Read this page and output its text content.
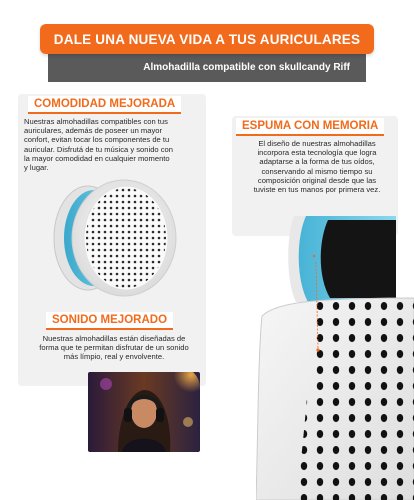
DALE UNA NUEVA VIDA A TUS AURICULARES
Almohadilla compatible con skullcandy Riff
COMODIDAD MEJORADA
Nuestras almohadillas compatibles con tus
auriculares, además de poseer un mayor
confort, evitan tocar los componentes de tu
auricular. Disfrutá de tu música y sonido con
la mayor comodidad en cualquier momento
y lugar.
ESPUMA CON MEMORIA
El diseño de nuestras almohadillas
incorpora esta tecnología que logra
adaptarse a la forma de tus oídos,
conservando al mismo tiempo su
composición original desde que las
tuviste en tus manos por primera vez.
SONIDO MEJORADO
Nuestras almohadillas están diseñadas de
forma que te permitan disfrutar de un sonido
más límpio, real y envolvente.
